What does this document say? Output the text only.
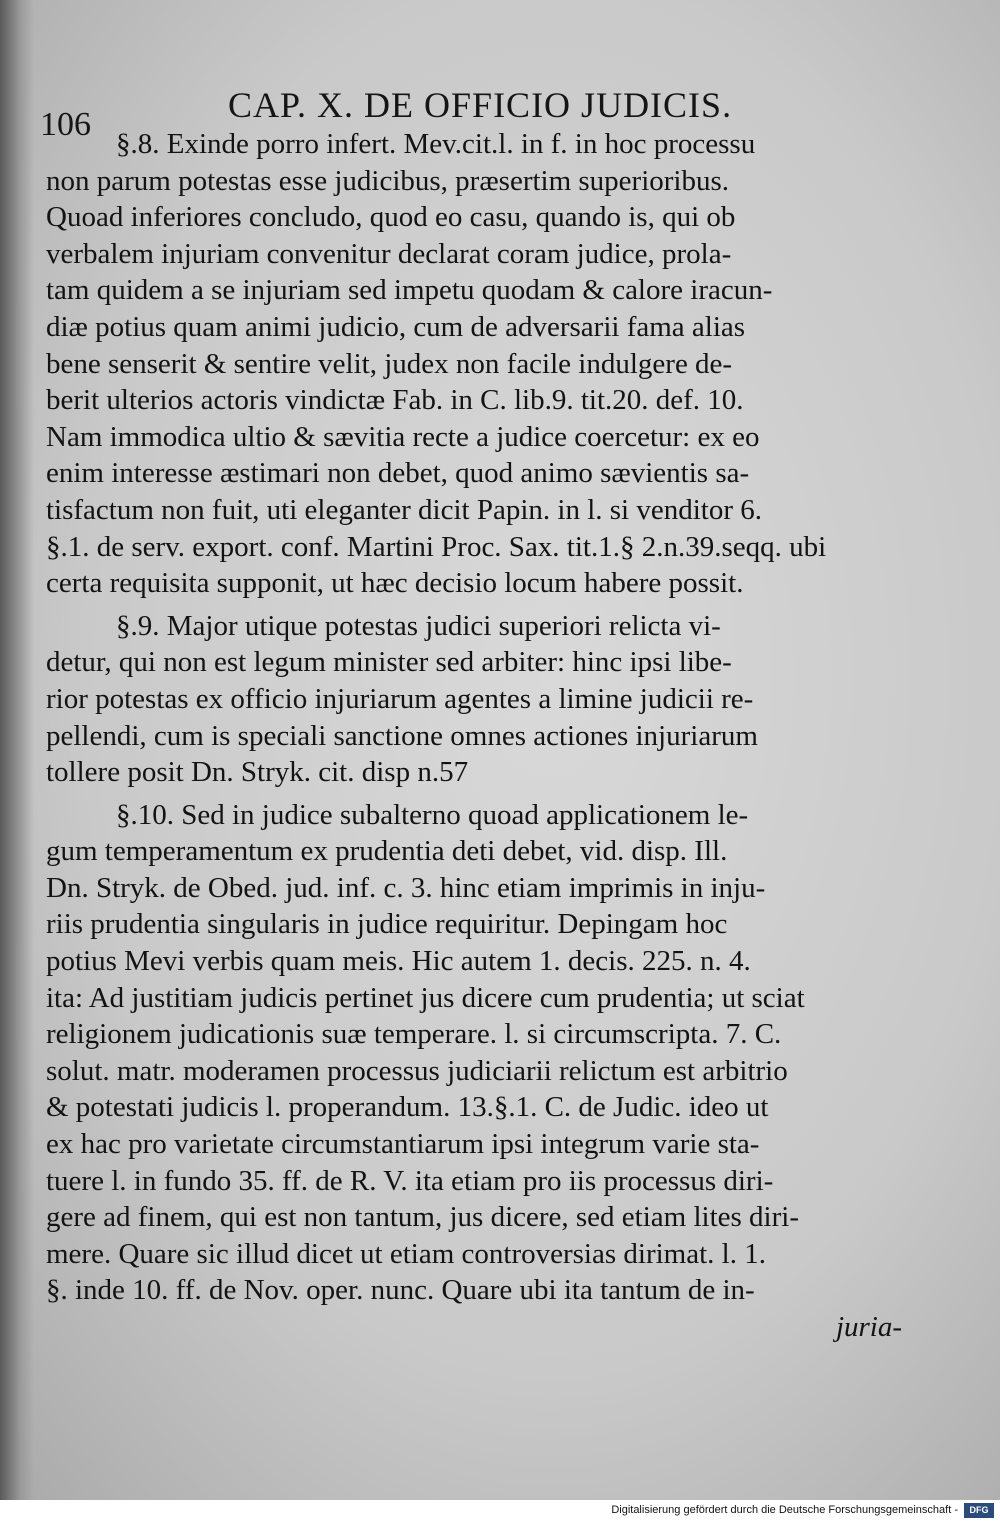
106	CAP. X. DE OFFICIO JUDICIS.
§.8. Exinde porro infert. Mev.cit.l. in f. in hoc processu
non parum potestas esse judicibus, præsertim superioribus.
Quoad inferiores concludo, quod eo casu, quando is, qui ob
verbalem injuriam convenitur declarat coram judice, prola-
tam quidem a se injuriam sed impetu quodam & calore iracun-
diæ potius quam animi judicio, cum de adversarii fama alias
bene senserit & sentire velit, judex non facile indulgere de-
berit ulterios actoris vindictæ Fab. in C. lib.9. tit.20. def. 10.
Nam immodica ultio & sævitia recte a judice coercetur: ex eo
enim interesse æstimari non debet, quod animo sævientis sa-
tisfactum non fuit, uti eleganter dicit Papin. in l. si venditor 6.
§.1. de serv. export. conf. Martini Proc. Sax. tit.1.§ 2.n.39.seqq. ubi
certa requisita supponit, ut hæc decisio locum habere possit.
§.9. Major utique potestas judici superiori relicta vi-
detur, qui non est legum minister sed arbiter: hinc ipsi libe-
rior potestas ex officio injuriarum agentes a limine judicii re-
pellendi, cum is speciali sanctione omnes actiones injuriarum
tollere posit Dn. Stryk. cit. disp n.57
§.10. Sed in judice subalterno quoad applicationem le-
gum temperamentum ex prudentia deti debet, vid. disp. Ill.
Dn. Stryk. de Obed. jud. inf. c. 3. hinc etiam imprimis in inju-
riis prudentia singularis in judice requiritur. Depingam hoc
potius Mevi verbis quam meis. Hic autem 1. decis. 225. n. 4.
ita: Ad justitiam judicis pertinet jus dicere cum prudentia; ut sciat
religionem judicationis suæ temperare. l. si circumscripta. 7. C.
solut. matr. moderamen processus judiciarii relictum est arbitrio
& potestati judicis l. properandum. 13.§.1. C. de Judic. ideo ut
ex hac pro varietate circumstantiarum ipsi integrum varie sta-
tuere l. in fundo 35. ff. de R. V. ita etiam pro iis processus diri-
gere ad finem, qui est non tantum, jus dicere, sed etiam lites diri-
mere. Quare sic illud dicet ut etiam controversias dirimat. l. 1.
§. inde 10. ff. de Nov. oper. nunc. Quare ubi ita tantum de in-
juria-
Digitalisierung gefördert durch die Deutsche Forschungsgemeinschaft -	DFG
